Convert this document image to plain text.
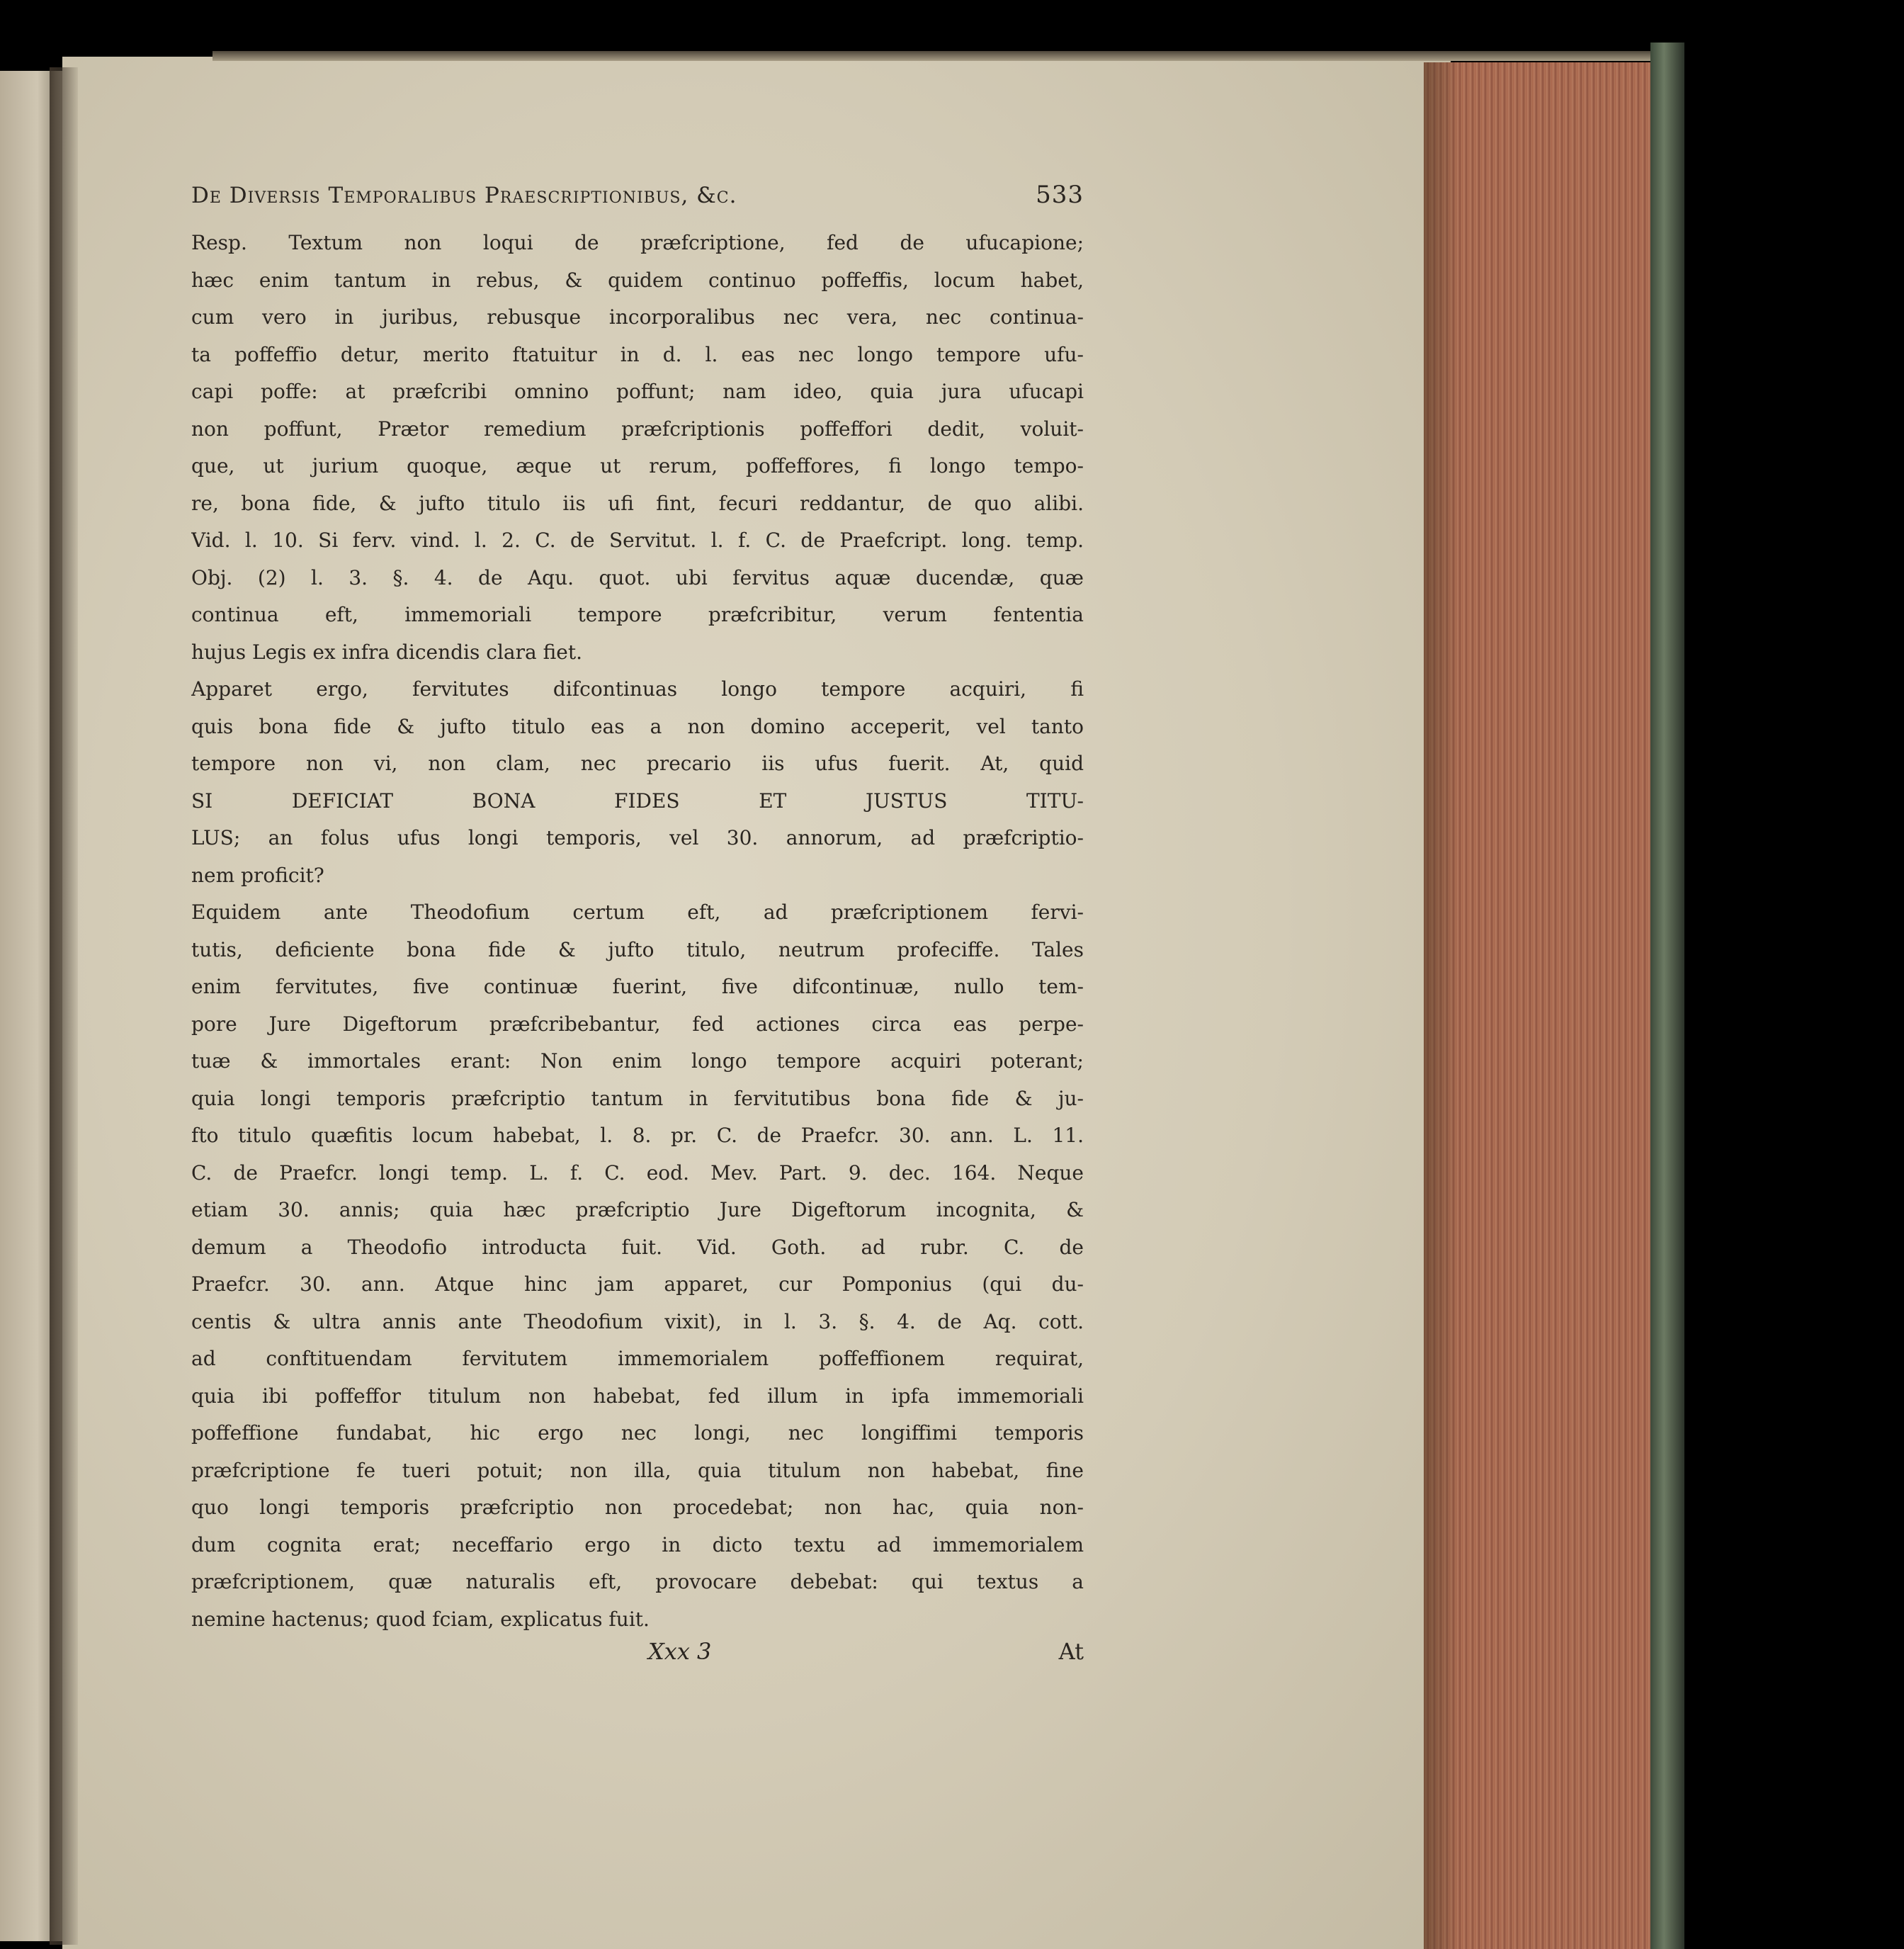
De Diversis Temporalibus Praescriptionibus, &c.	533
Resp. Textum non loqui de præfcriptione, fed de ufucapione;
hæc enim tantum in rebus, & quidem continuo poffeffis, locum habet,
cum vero in juribus, rebusque incorporalibus nec vera, nec continua-
ta poffeffio detur, merito ftatuitur in d. l. eas nec longo tempore ufu-
capi poffe: at præfcribi omnino poffunt; nam ideo, quia jura ufucapi
non poffunt, Prætor remedium præfcriptionis poffeffori dedit, voluit-
que, ut jurium quoque, æque ut rerum, poffeffores, fi longo tempo-
re, bona fide, & jufto titulo iis ufi fint, fecuri reddantur, de quo alibi.
Vid. l. 10. Si ferv. vind. l. 2. C. de Servitut. l. f. C. de Praefcript. long. temp.
Obj. (2) l. 3. §. 4. de Aqu. quot. ubi fervitus aquæ ducendæ, quæ
continua eft, immemoriali tempore præfcribitur, verum fententia
hujus Legis ex infra dicendis clara fiet.
Apparet ergo, fervitutes difcontinuas longo tempore acquiri, fi
quis bona fide & jufto titulo eas a non domino acceperit, vel tanto
tempore non vi, non clam, nec precario iis ufus fuerit. At, quid
SI DEFICIAT BONA FIDES ET JUSTUS TITU-
LUS; an folus ufus longi temporis, vel 30. annorum, ad præfcriptio-
nem proficit?
Equidem ante Theodofium certum eft, ad præfcriptionem fervi-
tutis, deficiente bona fide & jufto titulo, neutrum profeciffe. Tales
enim fervitutes, five continuæ fuerint, five difcontinuæ, nullo tem-
pore Jure Digeftorum præfcribebantur, fed actiones circa eas perpe-
tuæ & immortales erant: Non enim longo tempore acquiri poterant;
quia longi temporis præfcriptio tantum in fervitutibus bona fide & ju-
fto titulo quæfitis locum habebat, l. 8. pr. C. de Praefcr. 30. ann. L. 11.
C. de Praefcr. longi temp. L. f. C. eod. Mev. Part. 9. dec. 164. Neque
etiam 30. annis; quia hæc præfcriptio Jure Digeftorum incognita, &
demum a Theodofio introducta fuit. Vid. Goth. ad rubr. C. de
Praefcr. 30. ann. Atque hinc jam apparet, cur Pomponius (qui du-
centis & ultra annis ante Theodofium vixit), in l. 3. §. 4. de Aq. cott.
ad conftituendam fervitutem immemorialem poffeffionem requirat,
quia ibi poffeffor titulum non habebat, fed illum in ipfa immemoriali
poffeffione fundabat, hic ergo nec longi, nec longiffimi temporis
præfcriptione fe tueri potuit; non illa, quia titulum non habebat, fine
quo longi temporis præfcriptio non procedebat; non hac, quia non-
dum cognita erat; neceffario ergo in dicto textu ad immemorialem
præfcriptionem, quæ naturalis eft, provocare debebat: qui textus a
nemine hactenus; quod fciam, explicatus fuit.
Xxx 3	At
